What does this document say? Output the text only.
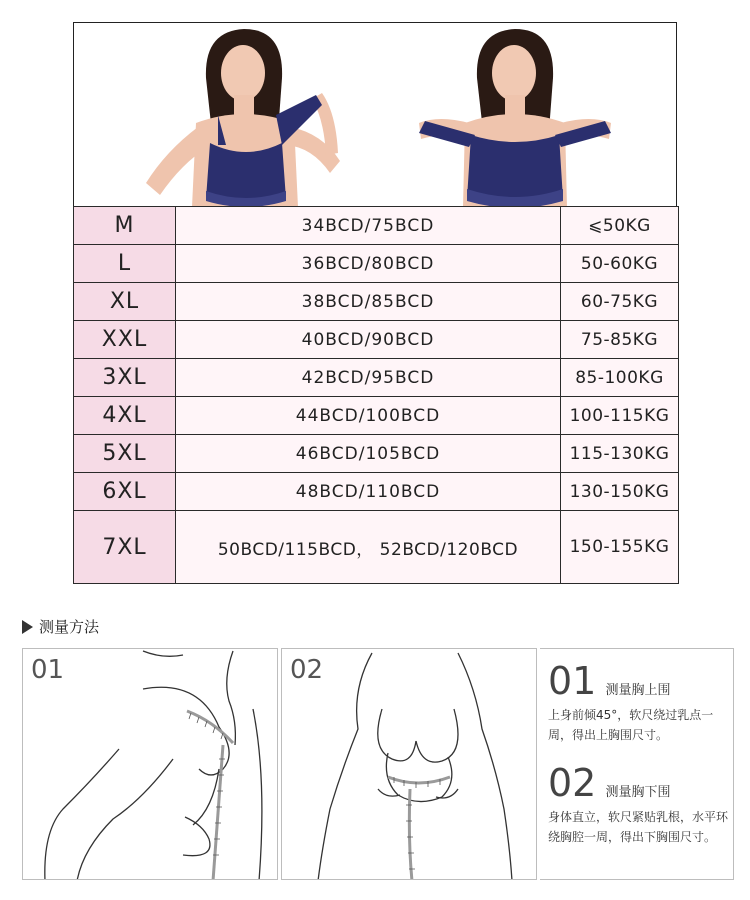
M	34BCD/75BCD	⩽50KG
L	36BCD/80BCD	50-60KG
XL	38BCD/85BCD	60-75KG
XXL	40BCD/90BCD	75-85KG
3XL	42BCD/95BCD	85-100KG
4XL	44BCD/100BCD	100-115KG
5XL	46BCD/105BCD	115-130KG
6XL	48BCD/110BCD	130-150KG
7XL	50BCD/115BCD， 52BCD/120BCD	150-155KG
测量方法
01	02	01 测量胸上围
上身前倾45°，软尺绕过乳点一周，得出上胸围尺寸。
02 测量胸下围
身体直立，软尺紧贴乳根，水平环绕胸腔一周，得出下胸围尺寸。
